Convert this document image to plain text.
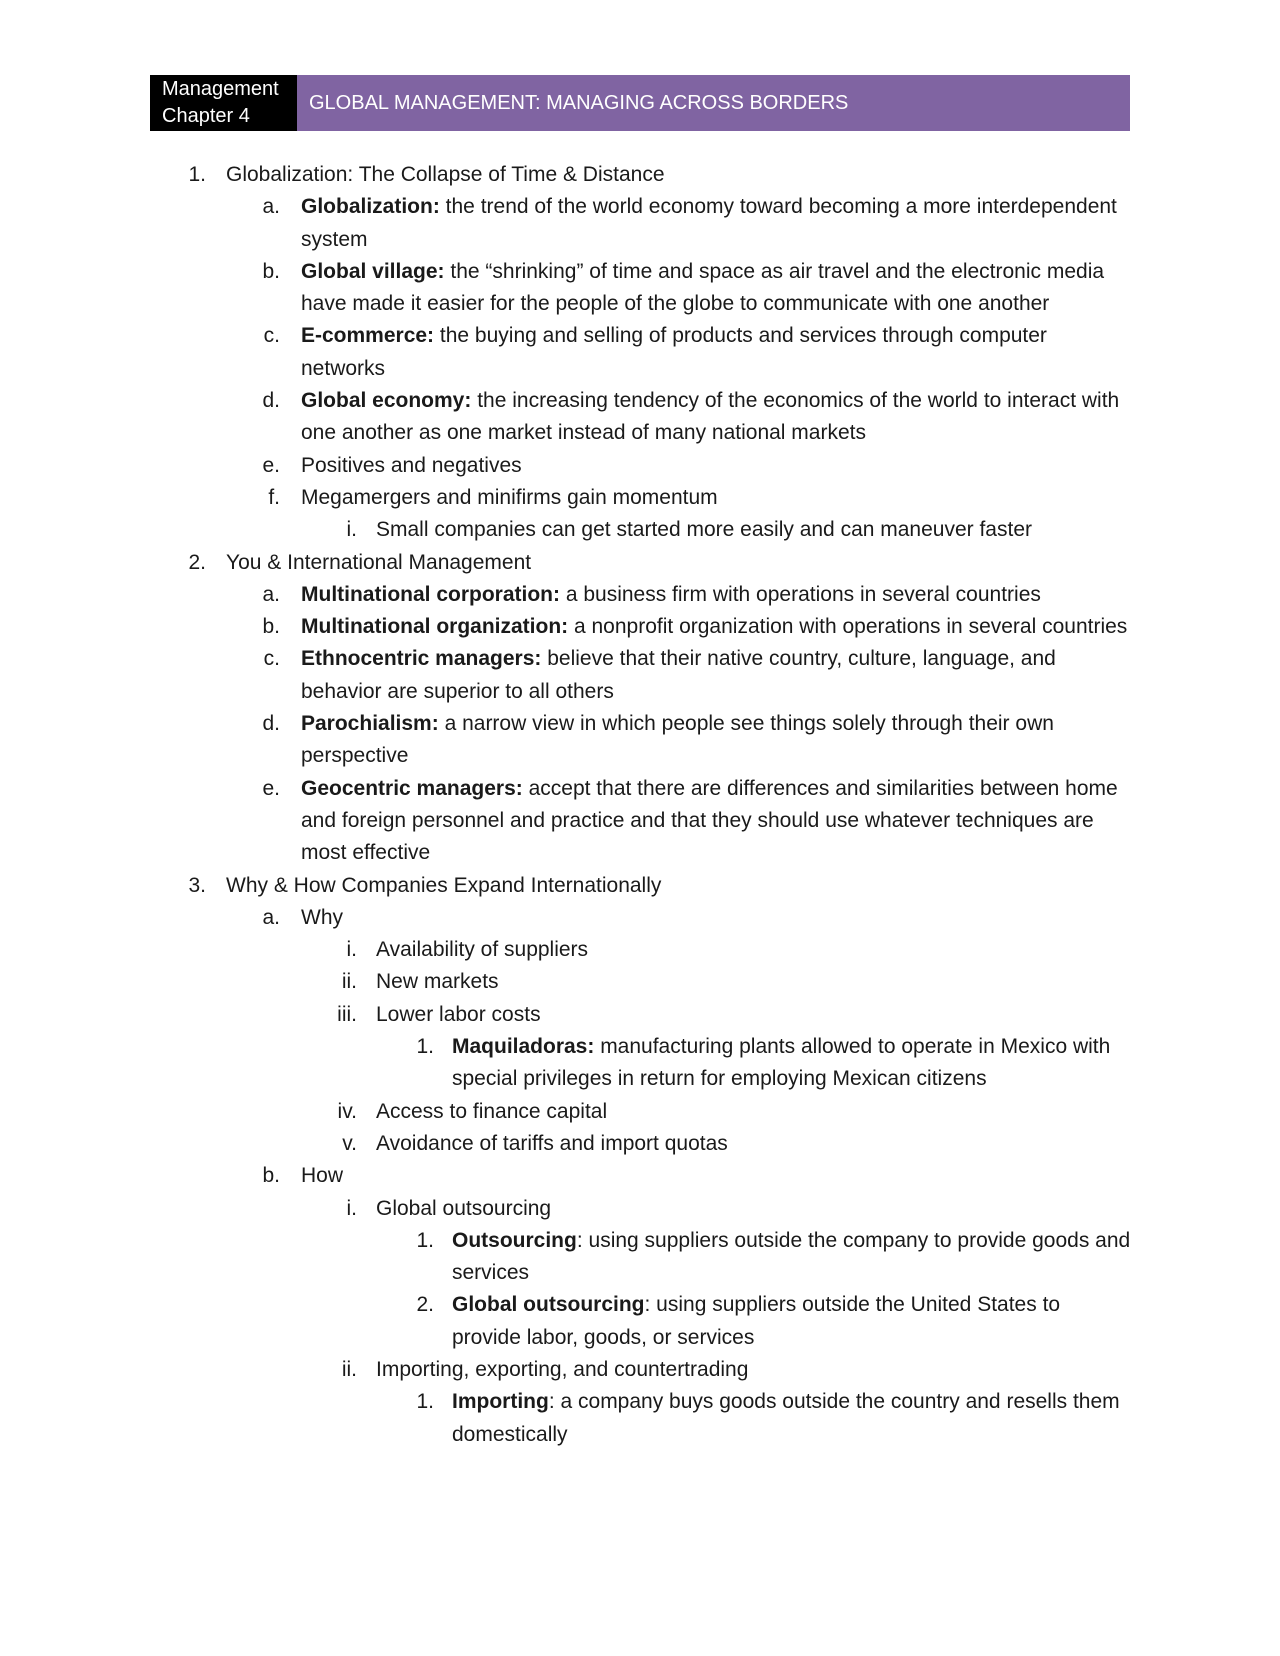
Management Chapter 4
GLOBAL MANAGEMENT: MANAGING ACROSS BORDERS
1. Globalization: The Collapse of Time & Distance
a. Globalization: the trend of the world economy toward becoming a more interdependent system
b. Global village: the “shrinking” of time and space as air travel and the electronic media have made it easier for the people of the globe to communicate with one another
c. E-commerce: the buying and selling of products and services through computer networks
d. Global economy: the increasing tendency of the economics of the world to interact with one another as one market instead of many national markets
e. Positives and negatives
f. Megamergers and minifirms gain momentum
i. Small companies can get started more easily and can maneuver faster
2. You & International Management
a. Multinational corporation: a business firm with operations in several countries
b. Multinational organization: a nonprofit organization with operations in several countries
c. Ethnocentric managers: believe that their native country, culture, language, and behavior are superior to all others
d. Parochialism: a narrow view in which people see things solely through their own perspective
e. Geocentric managers: accept that there are differences and similarities between home and foreign personnel and practice and that they should use whatever techniques are most effective
3. Why & How Companies Expand Internationally
a. Why
i. Availability of suppliers
ii. New markets
iii. Lower labor costs
1. Maquiladoras: manufacturing plants allowed to operate in Mexico with special privileges in return for employing Mexican citizens
iv. Access to finance capital
v. Avoidance of tariffs and import quotas
b. How
i. Global outsourcing
1. Outsourcing: using suppliers outside the company to provide goods and services
2. Global outsourcing: using suppliers outside the United States to provide labor, goods, or services
ii. Importing, exporting, and countertrading
1. Importing: a company buys goods outside the country and resells them domestically
